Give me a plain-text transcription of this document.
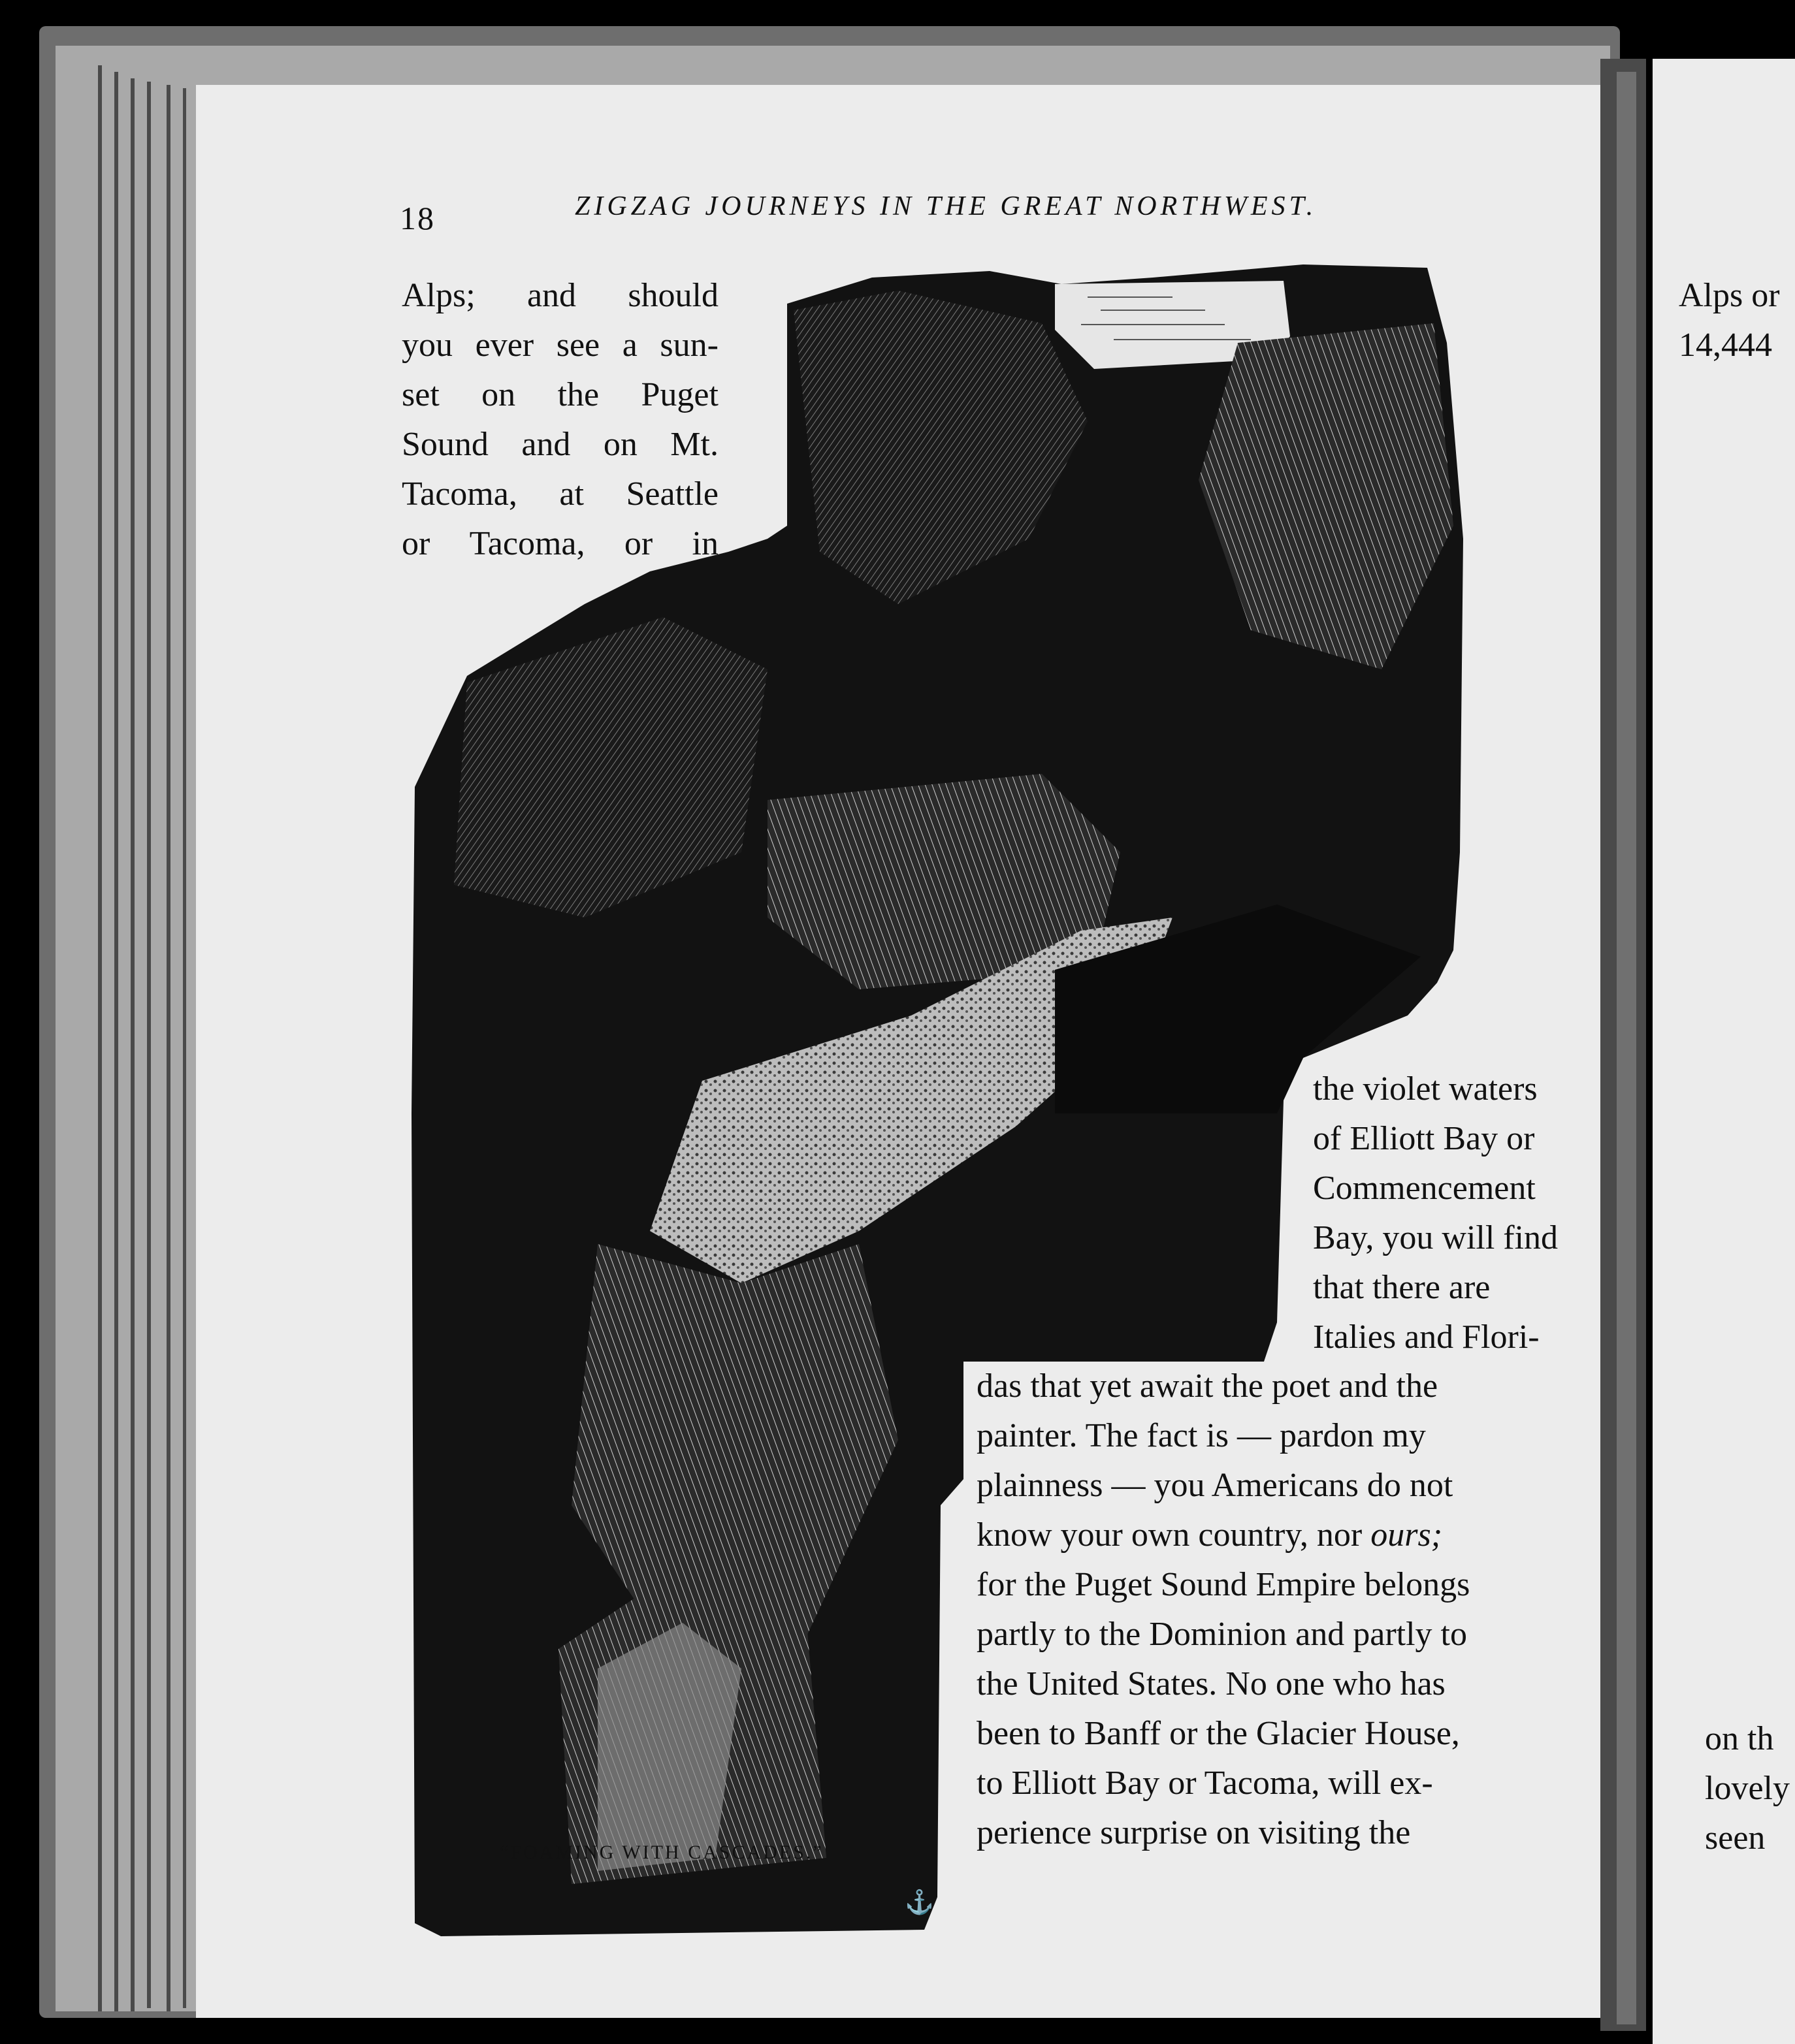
18	ZIGZAG JOURNEYS IN THE GREAT NORTHWEST.
⚓
“FOAMING WITH CASCADES.”
Alps; and should
you ever see a sun-
set on the Puget
Sound and on Mt.
Tacoma, at Seattle
or Tacoma, or in
the violet waters
of Elliott Bay or
Commencement
Bay, you will find
that there are
Italies and Flori-
das that yet await the poet and the
painter. The fact is — pardon my
plainness — you Americans do not
know your own country, nor ours;
for the Puget Sound Empire belongs
partly to the Dominion and partly to
the United States. No one who has
been to Banff or the Glacier House,
to Elliott Bay or Tacoma, will ex-
perience surprise on visiting the
Alps or
14,444
on th
lovely
seen
